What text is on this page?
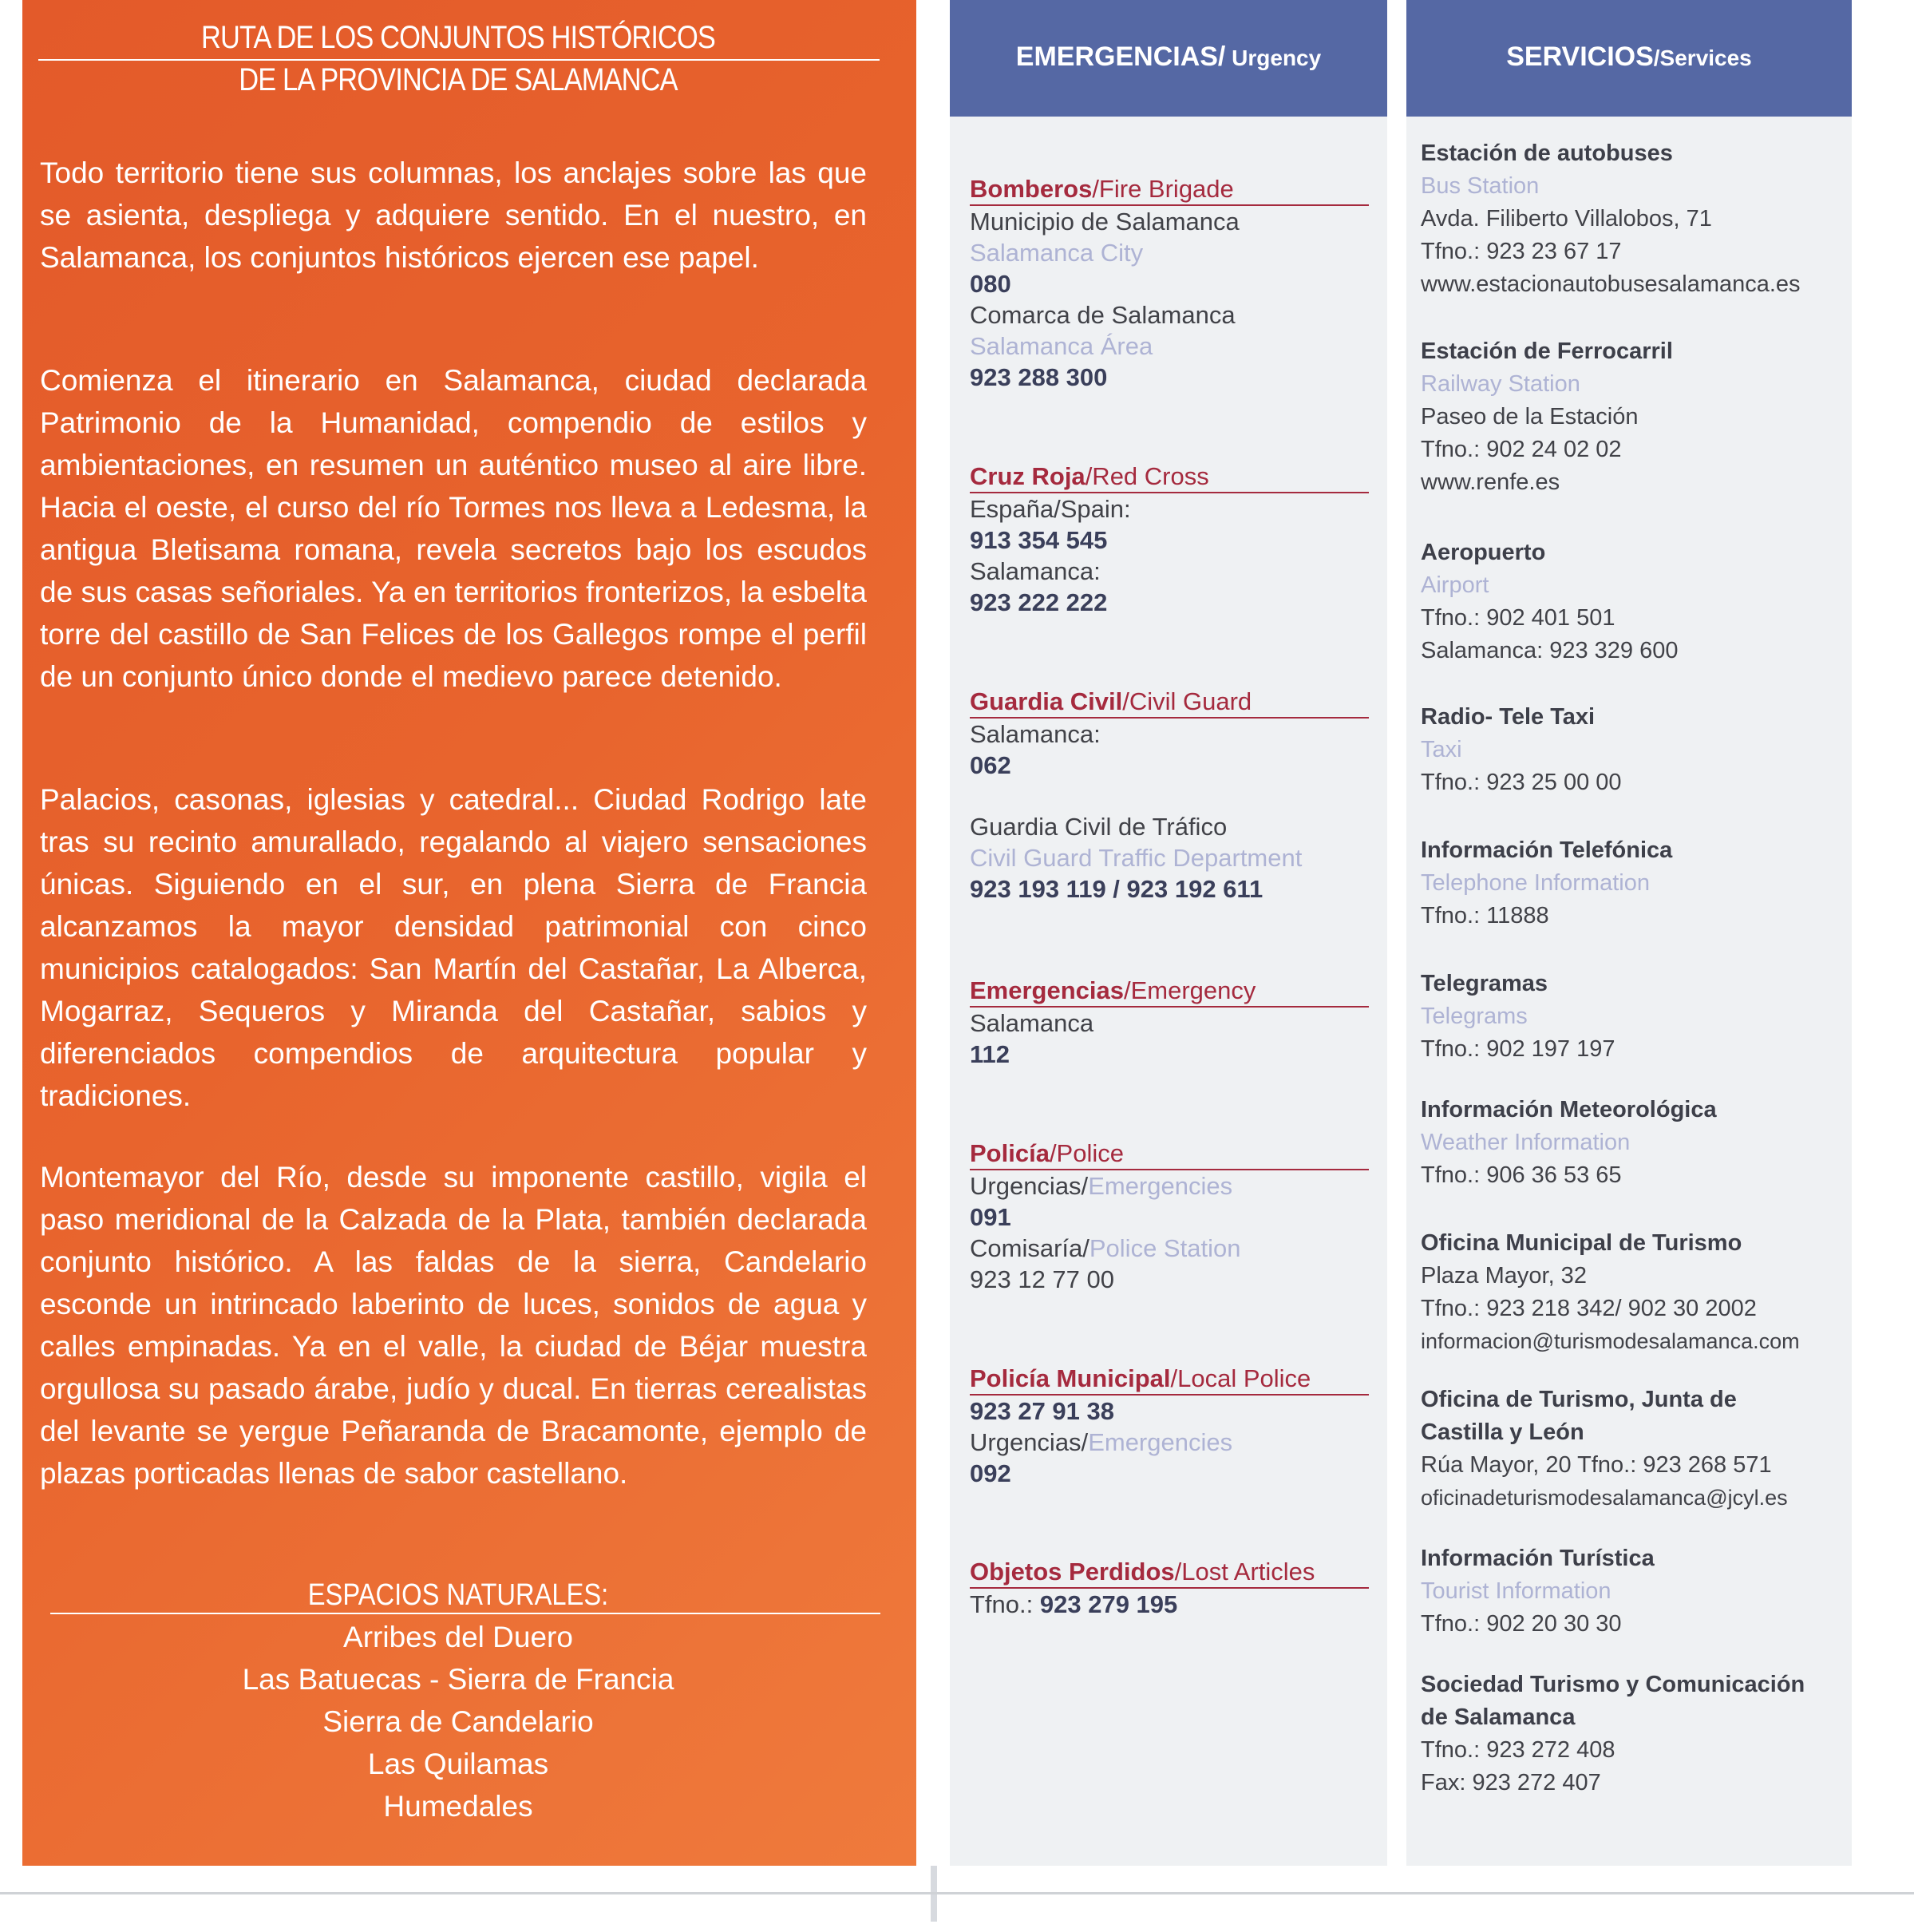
RUTA DE LOS CONJUNTOS HISTÓRICOS
DE LA PROVINCIA DE SALAMANCA
Todo territorio tiene sus columnas, los anclajes sobre las que se asienta, despliega y adquiere sentido. En el nuestro, en Salamanca, los conjuntos históricos ejercen ese papel.
Comienza el itinerario en Salamanca, ciudad declarada Patrimonio de la Humanidad, compendio de estilos y ambientaciones, en resumen un auténtico museo al aire libre. Hacia el oeste, el curso del río Tormes nos lleva a Ledesma, la antigua Bletisama romana, revela secretos bajo los escudos de sus casas señoriales. Ya en territorios fronterizos, la esbelta torre del castillo de San Felices de los Gallegos rompe el perfil de un conjunto único donde el medievo parece detenido.
Palacios, casonas, iglesias y catedral... Ciudad Rodrigo late tras su recinto amurallado, regalando al viajero sensaciones únicas. Siguiendo en el sur, en plena Sierra de Francia alcanzamos la mayor densidad patrimonial con cinco municipios catalogados: San Martín del Castañar, La Alberca, Mogarraz, Sequeros y Miranda del Castañar, sabios y diferenciados compendios de arquitectura popular y tradiciones.
Montemayor del Río, desde su imponente castillo, vigila el paso meridional de la Calzada de la Plata, también declarada conjunto histórico. A las faldas de la sierra, Candelario esconde un intrincado laberinto de luces, sonidos de agua y calles empinadas. Ya en el valle, la ciudad de Béjar muestra orgullosa su pasado árabe, judío y ducal. En tierras cerealistas del levante se yergue Peñaranda de Bracamonte, ejemplo de plazas porticadas llenas de sabor castellano.
ESPACIOS NATURALES:
Arribes del Duero
Las Batuecas - Sierra de Francia
Sierra de Candelario
Las Quilamas
Humedales
EMERGENCIAS/ Urgency
Bomberos/Fire Brigade
Municipio de Salamanca
Salamanca City
080
Comarca de Salamanca
Salamanca Área
923 288 300
Cruz Roja/Red Cross
España/Spain:
913 354 545
Salamanca:
923 222 222
Guardia Civil/Civil Guard
Salamanca:
062
Guardia Civil de Tráfico
Civil Guard Traffic Department
923 193 119 / 923 192 611
Emergencias/Emergency
Salamanca
112
Policía/Police
Urgencias/Emergencies
091
Comisaría/Police Station
923 12 77 00
Policía Municipal/Local Police
923 27 91 38
Urgencias/Emergencies
092
Objetos Perdidos/Lost Articles
Tfno.: 923 279 195
SERVICIOS/Services
Estación de autobuses
Bus Station
Avda. Filiberto Villalobos, 71
Tfno.: 923 23 67 17
www.estacionautobusesalamanca.es
Estación de Ferrocarril
Railway Station
Paseo de la Estación
Tfno.: 902 24 02 02
www.renfe.es
Aeropuerto
Airport
Tfno.: 902 401 501
Salamanca: 923 329 600
Radio- Tele Taxi
Taxi
Tfno.: 923 25 00 00
Información Telefónica
Telephone Information
Tfno.: 11888
Telegramas
Telegrams
Tfno.: 902 197 197
Información Meteorológica
Weather Information
Tfno.: 906 36 53 65
Oficina Municipal de Turismo
Plaza Mayor, 32
Tfno.: 923 218 342/ 902 30 2002
informacion@turismodesalamanca.com
Oficina de Turismo, Junta de
Castilla y León
Rúa Mayor, 20 Tfno.: 923 268 571
oficinadeturismodesalamanca@jcyl.es
Información Turística
Tourist Information
Tfno.: 902 20 30 30
Sociedad Turismo y Comunicación
de Salamanca
Tfno.: 923 272 408
Fax: 923 272 407
